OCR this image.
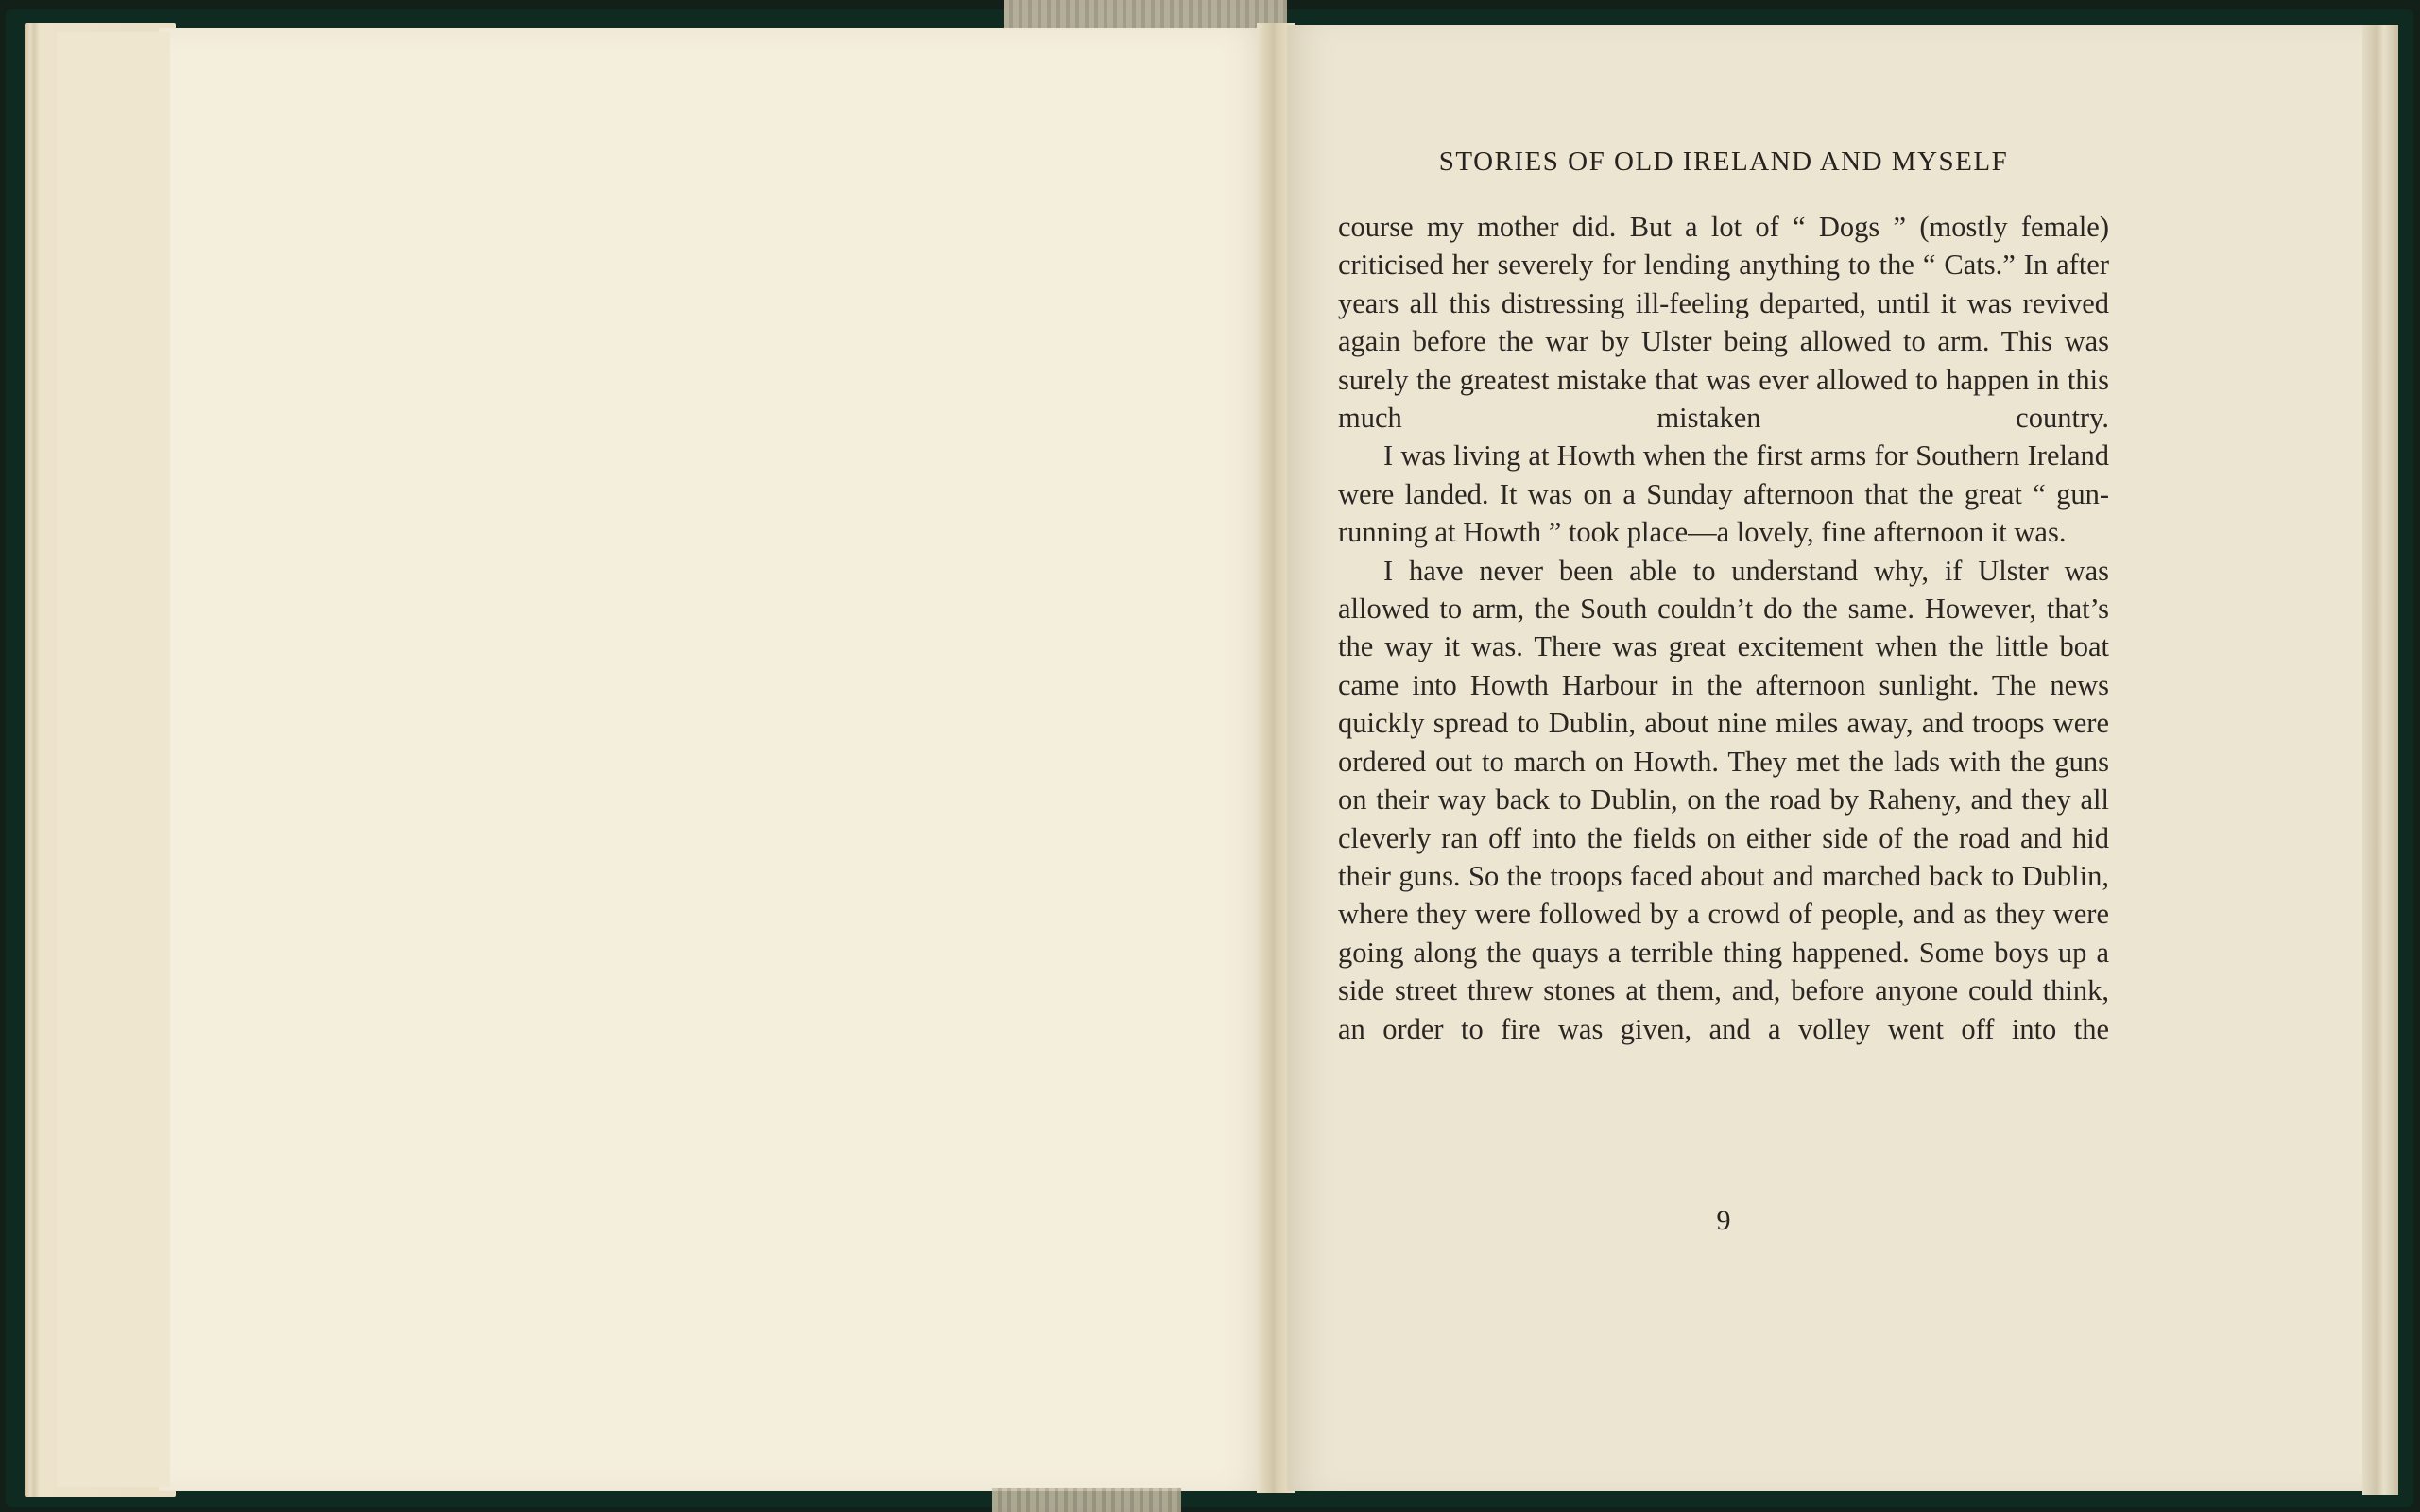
STORIES OF OLD IRELAND AND MYSELF

course my mother did. But a lot of “ Dogs ” (mostly female) criticised her severely for lending anything to the “ Cats.” In after years all this distressing ill-feeling departed, until it was revived again before the war by Ulster being allowed to arm. This was surely the greatest mistake that was ever allowed to happen in this much mistaken country.

I was living at Howth when the first arms for Southern Ireland were landed. It was on a Sunday afternoon that the great “ gun-running at Howth ” took place—a lovely, fine afternoon it was.

I have never been able to understand why, if Ulster was allowed to arm, the South couldn’t do the same. However, that’s the way it was. There was great excitement when the little boat came into Howth Harbour in the afternoon sunlight. The news quickly spread to Dublin, about nine miles away, and troops were ordered out to march on Howth. They met the lads with the guns on their way back to Dublin, on the road by Raheny, and they all cleverly ran off into the fields on either side of the road and hid their guns. So the troops faced about and marched back to Dublin, where they were followed by a crowd of people, and as they were going along the quays a terrible thing happened. Some boys up a side street threw stones at them, and, before anyone could think, an order to fire was given, and a volley went off into the

9
